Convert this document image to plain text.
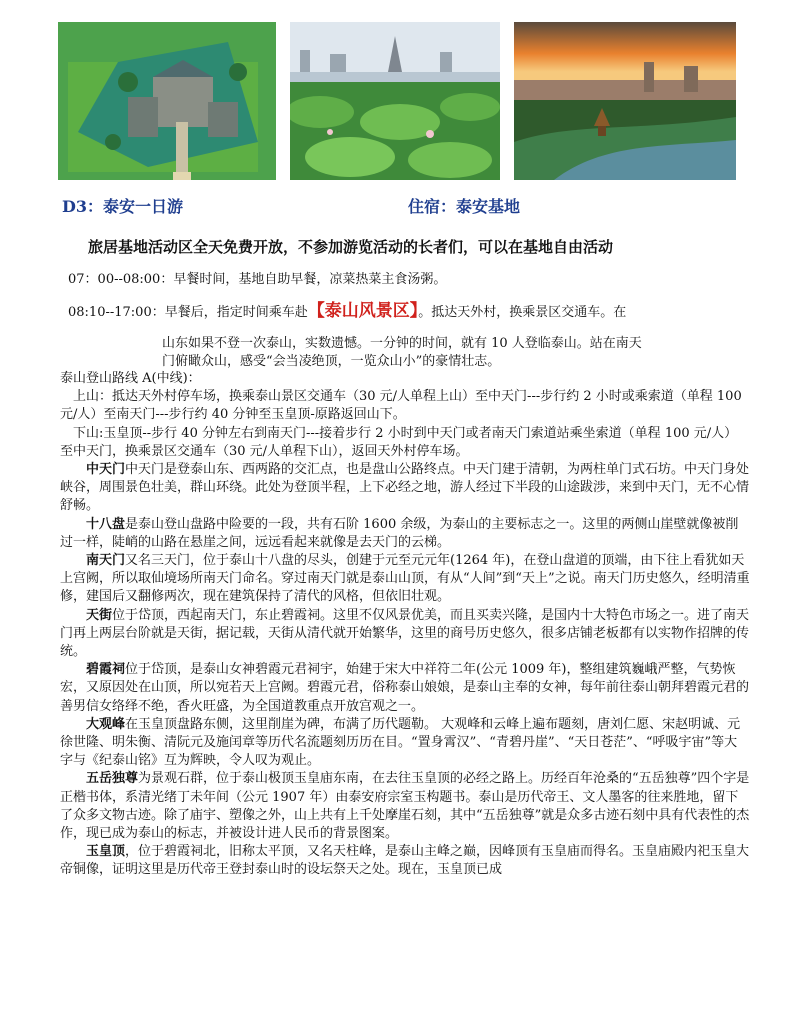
D3：泰安一日游	住宿：泰安基地
旅居基地活动区全天免费开放，不参加游览活动的长者们，可以在基地自由活动
07：00--08:00：早餐时间，基地自助早餐，凉菜热菜主食汤粥。
08:10--17:00：早餐后，指定时间乘车赴【泰山风景区】。抵达天外村，换乘景区交通车。在
山东如果不登一次泰山，实数遗憾。一分钟的时间，就有 10 人登临泰山。站在南天
门俯瞰众山，感受“会当凌绝顶，一览众山小”的豪情壮志。

泰山登山路线 A(中线)：

上山：抵达天外村停车场，换乘泰山景区交通车（30 元/人单程上山）至中天门---步行约 2 小时或乘索道（单程 100 元/人）至南天门---步行约 40 分钟至玉皇顶-原路返回山下。

下山:玉皇顶--步行 40 分钟左右到南天门---接着步行 2 小时到中天门或者南天门索道站乘坐索道（单程 100 元/人）至中天门，换乘景区交通车（30 元/人单程下山），返回天外村停车场。

中天门中天门是登泰山东、西两路的交汇点，也是盘山公路终点。中天门建于清朝，为两柱单门式石坊。中天门身处峡谷，周围景色壮美，群山环绕。此处为登顶半程，上下必经之地，游人经过下半段的山途跋涉，来到中天门，无不心情舒畅。

十八盘是泰山登山盘路中险要的一段，共有石阶 1600 余级，为泰山的主要标志之一。这里的两侧山崖壁就像被削过一样，陡峭的山路在悬崖之间，远远看起来就像是去天门的云梯。

南天门又名三天门，位于泰山十八盘的尽头，创建于元至元元年(1264 年)，在登山盘道的顶端，由下往上看犹如天上宫阙，所以取仙境场所南天门命名。穿过南天门就是泰山山顶，有从“人间”到“天上”之说。南天门历史悠久，经明清重修，建国后又翻修两次，现在建筑保持了清代的风格，但依旧壮观。

天街位于岱顶，西起南天门，东止碧霞祠。这里不仅风景优美，而且买卖兴隆，是国内十大特色市场之一。进了南天门再上两层台阶就是天街，据记载，天街从清代就开始繁华，这里的商号历史悠久，很多店铺老板都有以实物作招牌的传统。

碧霞祠位于岱顶，是泰山女神碧霞元君祠宇，始建于宋大中祥符二年(公元 1009 年)，整组建筑巍峨严整，气势恢宏，又原因处在山顶，所以宛若天上宫阙。碧霞元君，俗称泰山娘娘，是泰山主奉的女神，每年前往泰山朝拜碧霞元君的善男信女络绎不绝，香火旺盛，为全国道教重点开放宫观之一。

大观峰在玉皇顶盘路东侧，这里削崖为碑，布满了历代题勒。 大观峰和云峰上遍布题刻，唐刘仁愿、宋赵明诚、元徐世隆、明朱衡、清阮元及施闰章等历代名流题刻历历在目。“置身霄汉”、“青碧丹崖”、“天日苍茫”、“呼吸宇宙”等大字与《纪泰山铭》互为辉映，令人叹为观止。

五岳独尊为景观石群，位于泰山极顶玉皇庙东南，在去往玉皇顶的必经之路上。历经百年沧桑的“五岳独尊”四个字是正楷书体，系清光绪丁未年间（公元 1907 年）由泰安府宗室玉构题书。泰山是历代帝王、文人墨客的往来胜地，留下了众多文物古迹。除了庙宇、塑像之外，山上共有上千处摩崖石刻，其中“五岳独尊”就是众多古迹石刻中具有代表性的杰作，现已成为泰山的标志，并被设计进人民币的背景图案。

玉皇顶，位于碧霞祠北，旧称太平顶，又名天柱峰，是泰山主峰之巅，因峰顶有玉皇庙而得名。玉皇庙殿内祀玉皇大帝铜像，证明这里是历代帝王登封泰山时的设坛祭天之处。现在，玉皇顶已成
